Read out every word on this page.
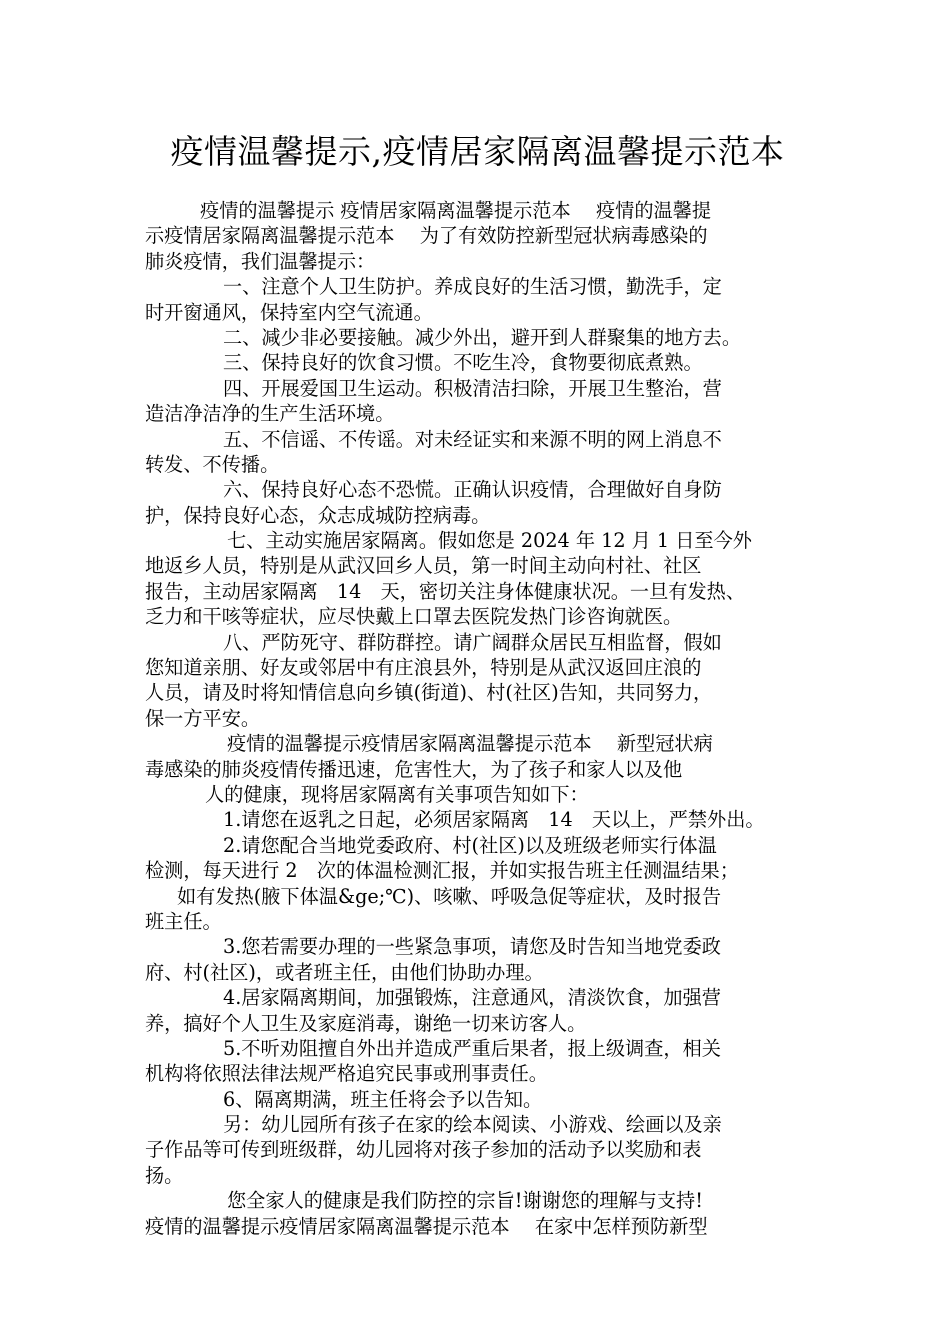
疫情温馨提示,疫情居家隔离温馨提示范本
疫情的温馨提示 疫情居家隔离温馨提示范本　 疫情的温馨提
示疫情居家隔离温馨提示范本　 为了有效防控新型冠状病毒感染的
肺炎疫情，我们温馨提示：
一、注意个人卫生防护。养成良好的生活习惯，勤洗手，定
时开窗通风，保持室内空气流通。
二、减少非必要接触。减少外出，避开到人群聚集的地方去。
三、保持良好的饮食习惯。不吃生冷，食物要彻底煮熟。
四、开展爱国卫生运动。积极清洁扫除，开展卫生整治，营
造洁净洁净的生产生活环境。
五、不信谣、不传谣。对未经证实和来源不明的网上消息不
转发、不传播。
六、保持良好心态不恐慌。正确认识疫情，合理做好自身防
护，保持良好心态，众志成城防控病毒。
七、主动实施居家隔离。假如您是 2024 年 12 月 1 日至今外
地返乡人员，特别是从武汉回乡人员，第一时间主动向村社、社区
报告，主动居家隔离　14　天，密切关注身体健康状况。一旦有发热、
乏力和干咳等症状，应尽快戴上口罩去医院发热门诊咨询就医。
八、严防死守、群防群控。请广阔群众居民互相监督，假如
您知道亲朋、好友或邻居中有庄浪县外，特别是从武汉返回庄浪的
人员，请及时将知情信息向乡镇(街道)、村(社区)告知，共同努力，
保一方平安。
疫情的温馨提示疫情居家隔离温馨提示范本　 新型冠状病
毒感染的肺炎疫情传播迅速，危害性大，为了孩子和家人以及他
人的健康，现将居家隔离有关事项告知如下：
1.请您在返乳之日起，必须居家隔离　14　天以上，严禁外出。
2.请您配合当地党委政府、村(社区)以及班级老师实行体温
检测，每天进行 2　次的体温检测汇报，并如实报告班主任测温结果；
如有发热(腋下体温&ge;℃)、咳嗽、呼吸急促等症状，及时报告
班主任。
3.您若需要办理的一些紧急事项，请您及时告知当地党委政
府、村(社区)，或者班主任，由他们协助办理。
4.居家隔离期间，加强锻炼，注意通风，清淡饮食，加强营
养，搞好个人卫生及家庭消毒，谢绝一切来访客人。
5.不听劝阻擅自外出并造成严重后果者，报上级调查，相关
机构将依照法律法规严格追究民事或刑事责任。
6、隔离期满，班主任将会予以告知。
另：幼儿园所有孩子在家的绘本阅读、小游戏、绘画以及亲
子作品等可传到班级群，幼儿园将对孩子参加的活动予以奖励和表
扬。
您全家人的健康是我们防控的宗旨!谢谢您的理解与支持!
疫情的温馨提示疫情居家隔离温馨提示范本　 在家中怎样预防新型
